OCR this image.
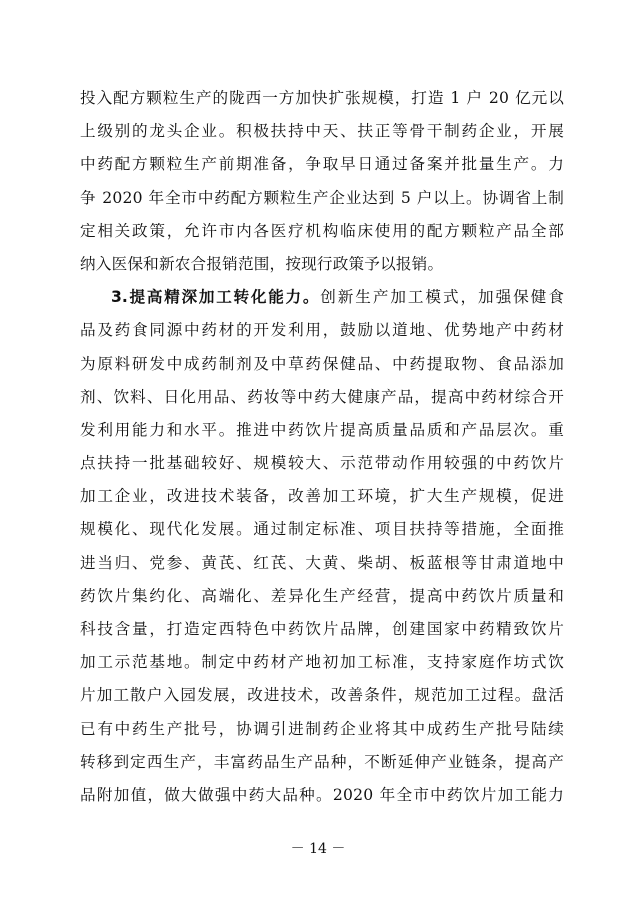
投入配方颗粒生产的陇西一方加快扩张规模，打造 1 户 20 亿元以
上级别的龙头企业。积极扶持中天、扶正等骨干制药企业，开展
中药配方颗粒生产前期准备，争取早日通过备案并批量生产。力
争 2020 年全市中药配方颗粒生产企业达到 5 户以上。协调省上制
定相关政策，允许市内各医疗机构临床使用的配方颗粒产品全部
纳入医保和新农合报销范围，按现行政策予以报销。
3.提高精深加工转化能力。创新生产加工模式，加强保健食
品及药食同源中药材的开发利用，鼓励以道地、优势地产中药材
为原料研发中成药制剂及中草药保健品、中药提取物、食品添加
剂、饮料、日化用品、药妆等中药大健康产品，提高中药材综合开
发利用能力和水平。推进中药饮片提高质量品质和产品层次。重
点扶持一批基础较好、规模较大、示范带动作用较强的中药饮片
加工企业，改进技术装备，改善加工环境，扩大生产规模，促进
规模化、现代化发展。通过制定标准、项目扶持等措施，全面推
进当归、党参、黄芪、红芪、大黄、柴胡、板蓝根等甘肃道地中
药饮片集约化、高端化、差异化生产经营，提高中药饮片质量和
科技含量，打造定西特色中药饮片品牌，创建国家中药精致饮片
加工示范基地。制定中药材产地初加工标准，支持家庭作坊式饮
片加工散户入园发展，改进技术，改善条件，规范加工过程。盘活
已有中药生产批号，协调引进制药企业将其中成药生产批号陆续
转移到定西生产，丰富药品生产品种，不断延伸产业链条，提高产
品附加值，做大做强中药大品种。2020 年全市中药饮片加工能力
－ 14 －
